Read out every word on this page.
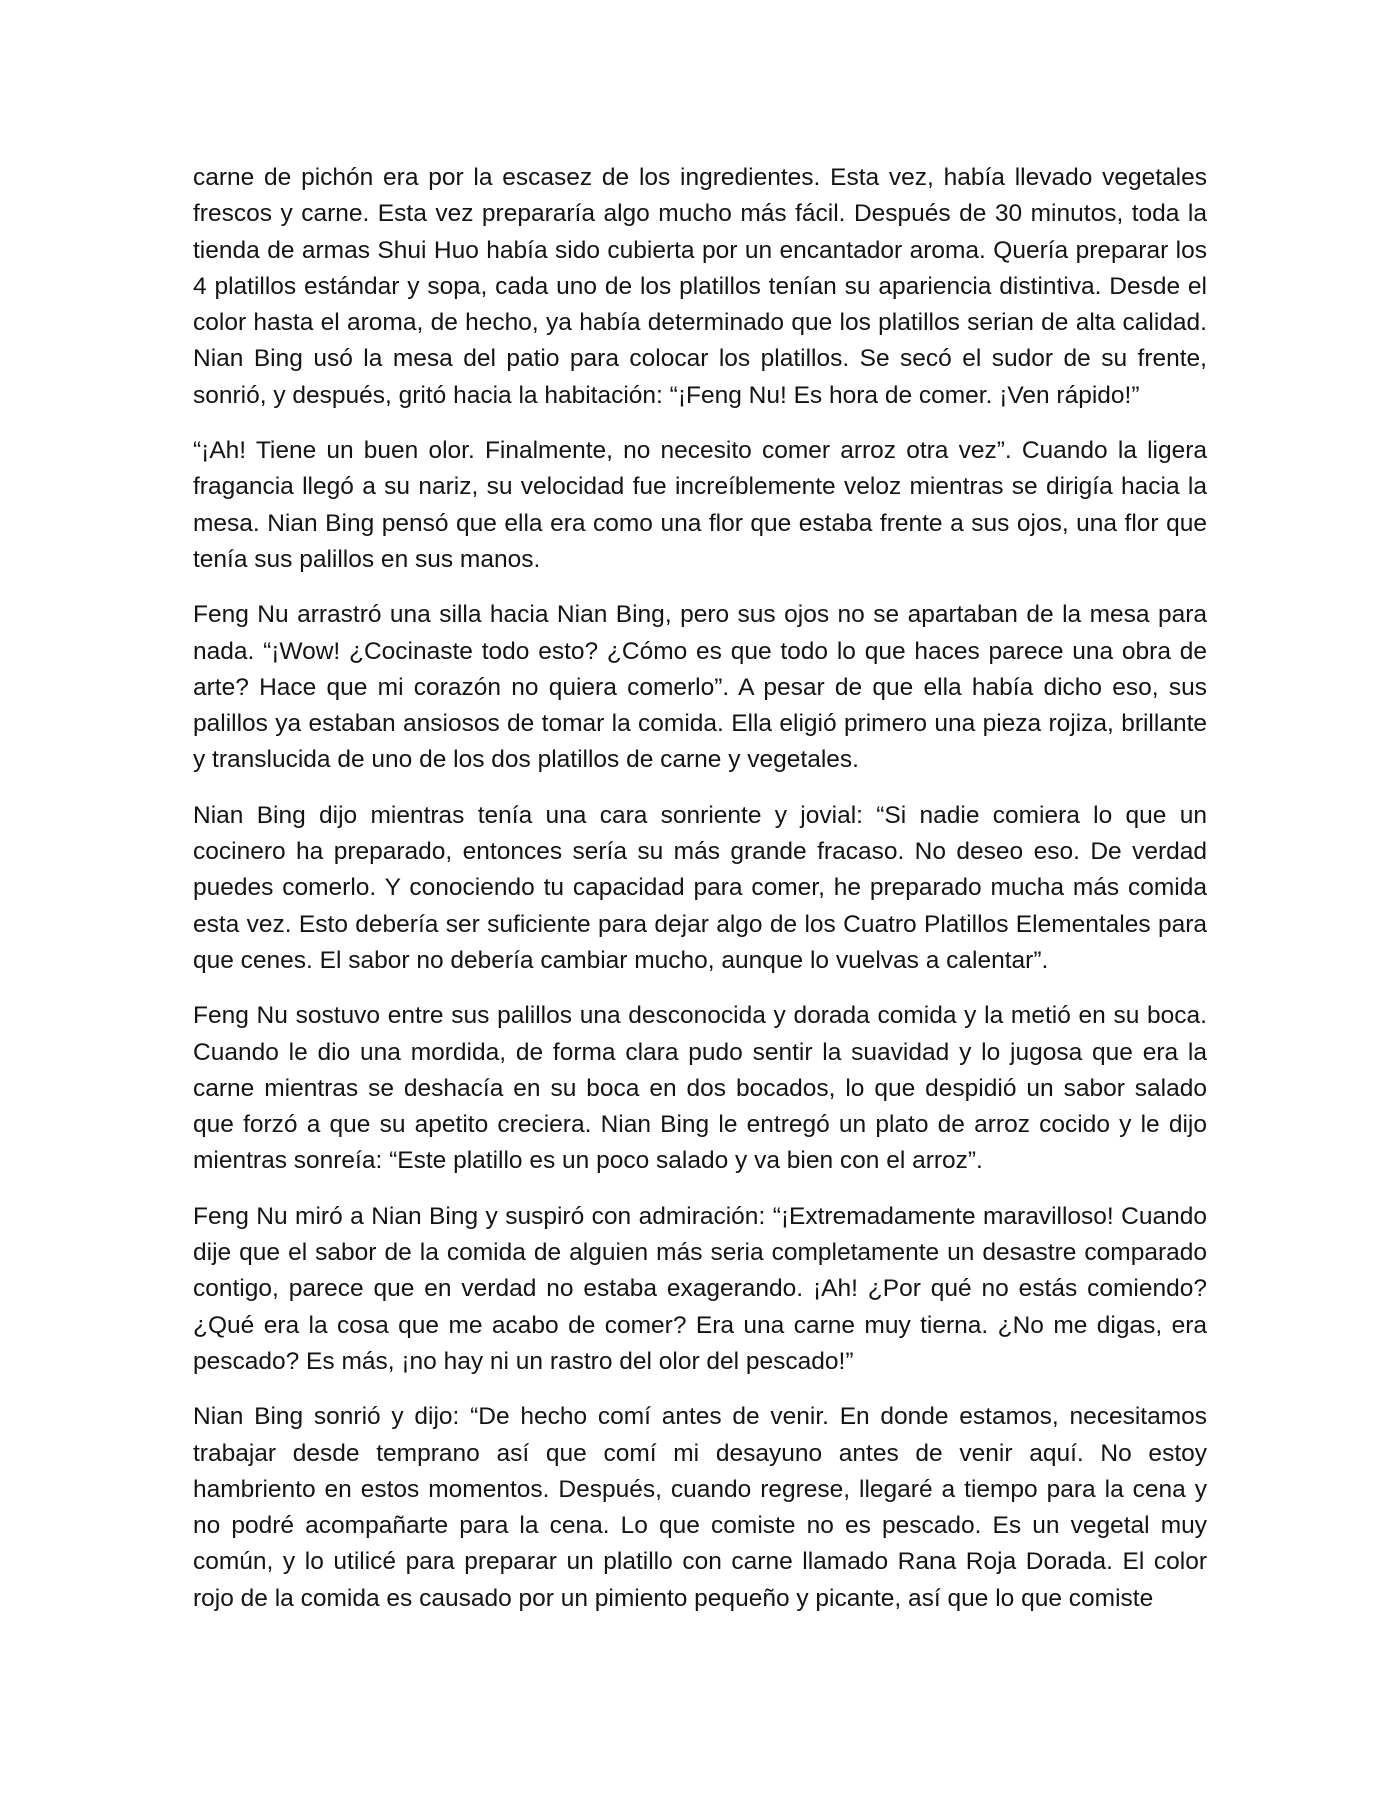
carne de pichón era por la escasez de los ingredientes. Esta vez, había llevado vegetales frescos y carne. Esta vez prepararía algo mucho más fácil. Después de 30 minutos, toda la tienda de armas Shui Huo había sido cubierta por un encantador aroma. Quería preparar los 4 platillos estándar y sopa, cada uno de los platillos tenían su apariencia distintiva. Desde el color hasta el aroma, de hecho, ya había determinado que los platillos serian de alta calidad. Nian Bing usó la mesa del patio para colocar los platillos. Se secó el sudor de su frente, sonrió, y después, gritó hacia la habitación: “¡Feng Nu! Es hora de comer. ¡Ven rápido!”

“¡Ah! Tiene un buen olor. Finalmente, no necesito comer arroz otra vez”. Cuando la ligera fragancia llegó a su nariz, su velocidad fue increíblemente veloz mientras se dirigía hacia la mesa. Nian Bing pensó que ella era como una flor que estaba frente a sus ojos, una flor que tenía sus palillos en sus manos.

Feng Nu arrastró una silla hacia Nian Bing, pero sus ojos no se apartaban de la mesa para nada. “¡Wow! ¿Cocinaste todo esto? ¿Cómo es que todo lo que haces parece una obra de arte? Hace que mi corazón no quiera comerlo”. A pesar de que ella había dicho eso, sus palillos ya estaban ansiosos de tomar la comida. Ella eligió primero una pieza rojiza, brillante y translucida de uno de los dos platillos de carne y vegetales.

Nian Bing dijo mientras tenía una cara sonriente y jovial: “Si nadie comiera lo que un cocinero ha preparado, entonces sería su más grande fracaso. No deseo eso. De verdad puedes comerlo. Y conociendo tu capacidad para comer, he preparado mucha más comida esta vez. Esto debería ser suficiente para dejar algo de los Cuatro Platillos Elementales para que cenes. El sabor no debería cambiar mucho, aunque lo vuelvas a calentar”.

Feng Nu sostuvo entre sus palillos una desconocida y dorada comida y la metió en su boca. Cuando le dio una mordida, de forma clara pudo sentir la suavidad y lo jugosa que era la carne mientras se deshacía en su boca en dos bocados, lo que despidió un sabor salado que forzó a que su apetito creciera. Nian Bing le entregó un plato de arroz cocido y le dijo mientras sonreía: “Este platillo es un poco salado y va bien con el arroz”.

Feng Nu miró a Nian Bing y suspiró con admiración: “¡Extremadamente maravilloso! Cuando dije que el sabor de la comida de alguien más seria completamente un desastre comparado contigo, parece que en verdad no estaba exagerando. ¡Ah! ¿Por qué no estás comiendo? ¿Qué era la cosa que me acabo de comer? Era una carne muy tierna. ¿No me digas, era pescado? Es más, ¡no hay ni un rastro del olor del pescado!”

Nian Bing sonrió y dijo: “De hecho comí antes de venir. En donde estamos, necesitamos trabajar desde temprano así que comí mi desayuno antes de venir aquí. No estoy hambriento en estos momentos. Después, cuando regrese, llegaré a tiempo para la cena y no podré acompañarte para la cena. Lo que comiste no es pescado. Es un vegetal muy común, y lo utilicé para preparar un platillo con carne llamado Rana Roja Dorada. El color rojo de la comida es causado por un pimiento pequeño y picante, así que lo que comiste
